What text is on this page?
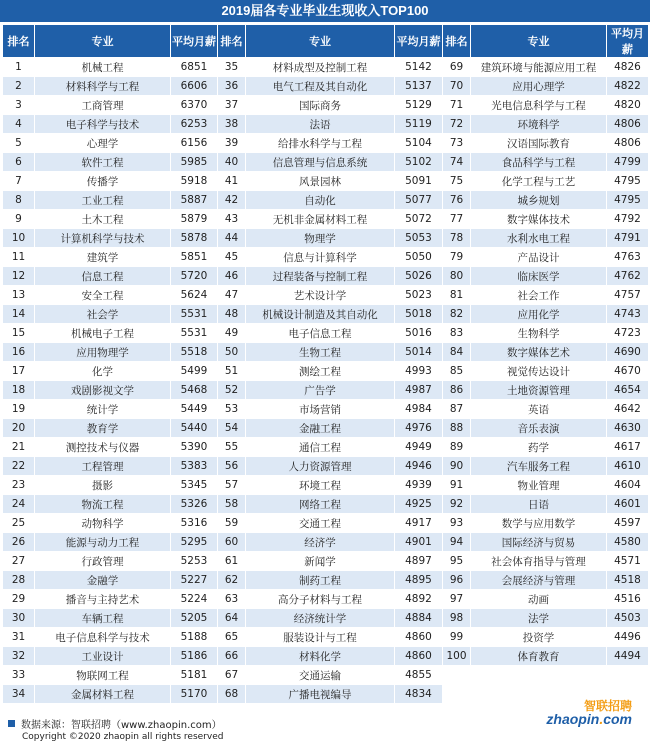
2019届各专业毕业生现收入TOP100
排名	专业	平均月薪	排名	专业	平均月薪	排名	专业	平均月薪
1	机械工程	6851	35	材料成型及控制工程	5142	69	建筑环境与能源应用工程	4826
2	材料科学与工程	6606	36	电气工程及其自动化	5137	70	应用心理学	4822
3	工商管理	6370	37	国际商务	5129	71	光电信息科学与工程	4820
4	电子科学与技术	6253	38	法语	5119	72	环境科学	4806
5	心理学	6156	39	给排水科学与工程	5104	73	汉语国际教育	4806
6	软件工程	5985	40	信息管理与信息系统	5102	74	食品科学与工程	4799
7	传播学	5918	41	风景园林	5091	75	化学工程与工艺	4795
8	工业工程	5887	42	自动化	5077	76	城乡规划	4795
9	土木工程	5879	43	无机非金属材料工程	5072	77	数字媒体技术	4792
10	计算机科学与技术	5878	44	物理学	5053	78	水利水电工程	4791
11	建筑学	5851	45	信息与计算科学	5050	79	产品设计	4763
12	信息工程	5720	46	过程装备与控制工程	5026	80	临床医学	4762
13	安全工程	5624	47	艺术设计学	5023	81	社会工作	4757
14	社会学	5531	48	机械设计制造及其自动化	5018	82	应用化学	4743
15	机械电子工程	5531	49	电子信息工程	5016	83	生物科学	4723
16	应用物理学	5518	50	生物工程	5014	84	数字媒体艺术	4690
17	化学	5499	51	测绘工程	4993	85	视觉传达设计	4670
18	戏剧影视文学	5468	52	广告学	4987	86	土地资源管理	4654
19	统计学	5449	53	市场营销	4984	87	英语	4642
20	教育学	5440	54	金融工程	4976	88	音乐表演	4630
21	测控技术与仪器	5390	55	通信工程	4949	89	药学	4617
22	工程管理	5383	56	人力资源管理	4946	90	汽车服务工程	4610
23	摄影	5345	57	环境工程	4939	91	物业管理	4604
24	物流工程	5326	58	网络工程	4925	92	日语	4601
25	动物科学	5316	59	交通工程	4917	93	数学与应用数学	4597
26	能源与动力工程	5295	60	经济学	4901	94	国际经济与贸易	4580
27	行政管理	5253	61	新闻学	4897	95	社会体育指导与管理	4571
28	金融学	5227	62	制药工程	4895	96	会展经济与管理	4518
29	播音与主持艺术	5224	63	高分子材料与工程	4892	97	动画	4516
30	车辆工程	5205	64	经济统计学	4884	98	法学	4503
31	电子信息科学与技术	5188	65	服装设计与工程	4860	99	投资学	4496
32	工业设计	5186	66	材料化学	4860	100	体育教育	4494
33	物联网工程	5181	67	交通运输	4855			
34	金属材料工程	5170	68	广播电视编导	4834			
数据来源：智联招聘（www.zhaopin.com）
Copyright ©2020 zhaopin all rights reserved
智联招聘
zhaopin.com
